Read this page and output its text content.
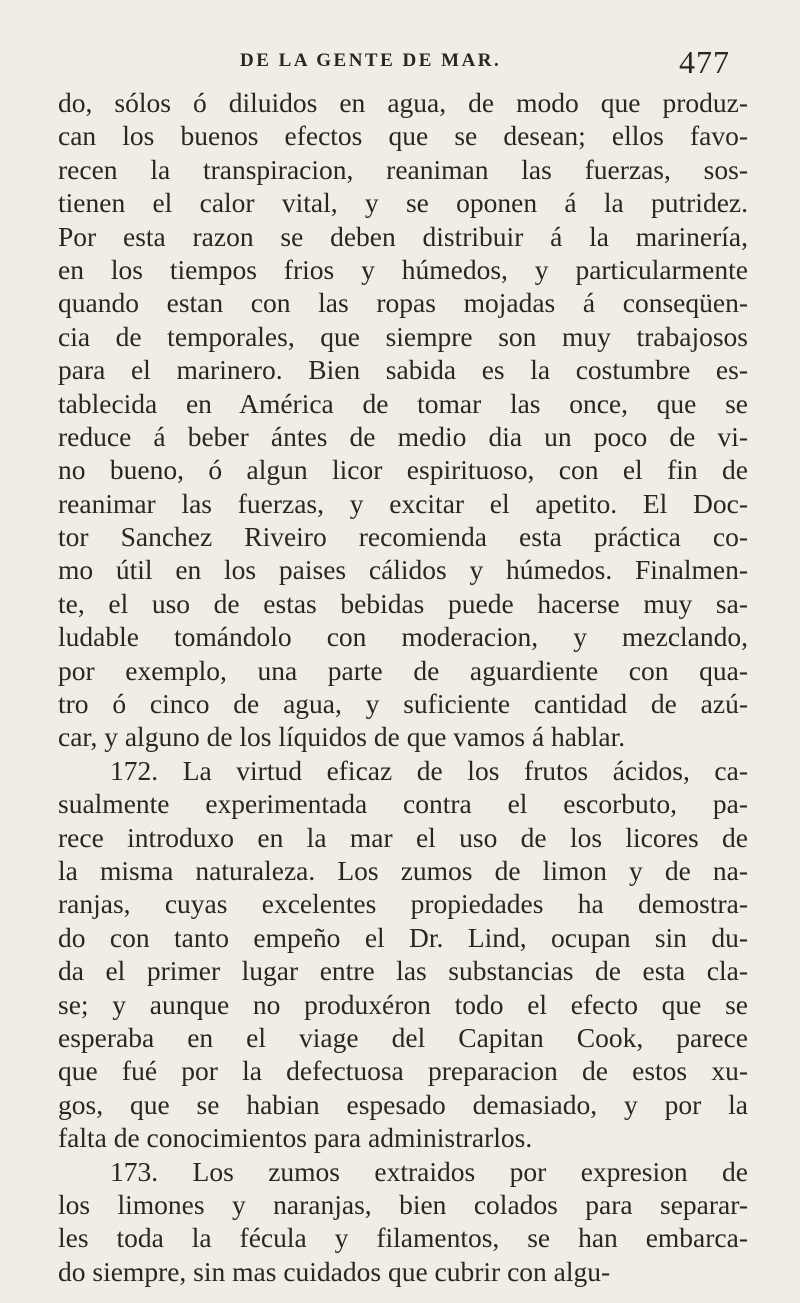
DE LA GENTE DE MAR.	477
do, sólos ó diluidos en agua, de modo que produz-
can los buenos efectos que se desean; ellos favo-
recen la transpiracion, reaniman las fuerzas, sos-
tienen el calor vital, y se oponen á la putridez.
Por esta razon se deben distribuir á la marinería,
en los tiempos frios y húmedos, y particularmente
quando estan con las ropas mojadas á conseqüen-
cia de temporales, que siempre son muy trabajosos
para el marinero. Bien sabida es la costumbre es-
tablecida en América de tomar las once, que se
reduce á beber ántes de medio dia un poco de vi-
no bueno, ó algun licor espirituoso, con el fin de
reanimar las fuerzas, y excitar el apetito. El Doc-
tor Sanchez Riveiro recomienda esta práctica co-
mo útil en los paises cálidos y húmedos. Finalmen-
te, el uso de estas bebidas puede hacerse muy sa-
ludable tomándolo con moderacion, y mezclando,
por exemplo, una parte de aguardiente con qua-
tro ó cinco de agua, y suficiente cantidad de azú-
car, y alguno de los líquidos de que vamos á hablar.
172. La virtud eficaz de los frutos ácidos, ca-
sualmente experimentada contra el escorbuto, pa-
rece introduxo en la mar el uso de los licores de
la misma naturaleza. Los zumos de limon y de na-
ranjas, cuyas excelentes propiedades ha demostra-
do con tanto empeño el Dr. Lind, ocupan sin du-
da el primer lugar entre las substancias de esta cla-
se; y aunque no produxéron todo el efecto que se
esperaba en el viage del Capitan Cook, parece
que fué por la defectuosa preparacion de estos xu-
gos, que se habian espesado demasiado, y por la
falta de conocimientos para administrarlos.
173. Los zumos extraidos por expresion de
los limones y naranjas, bien colados para separar-
les toda la fécula y filamentos, se han embarca-
do siempre, sin mas cuidados que cubrir con algu-
